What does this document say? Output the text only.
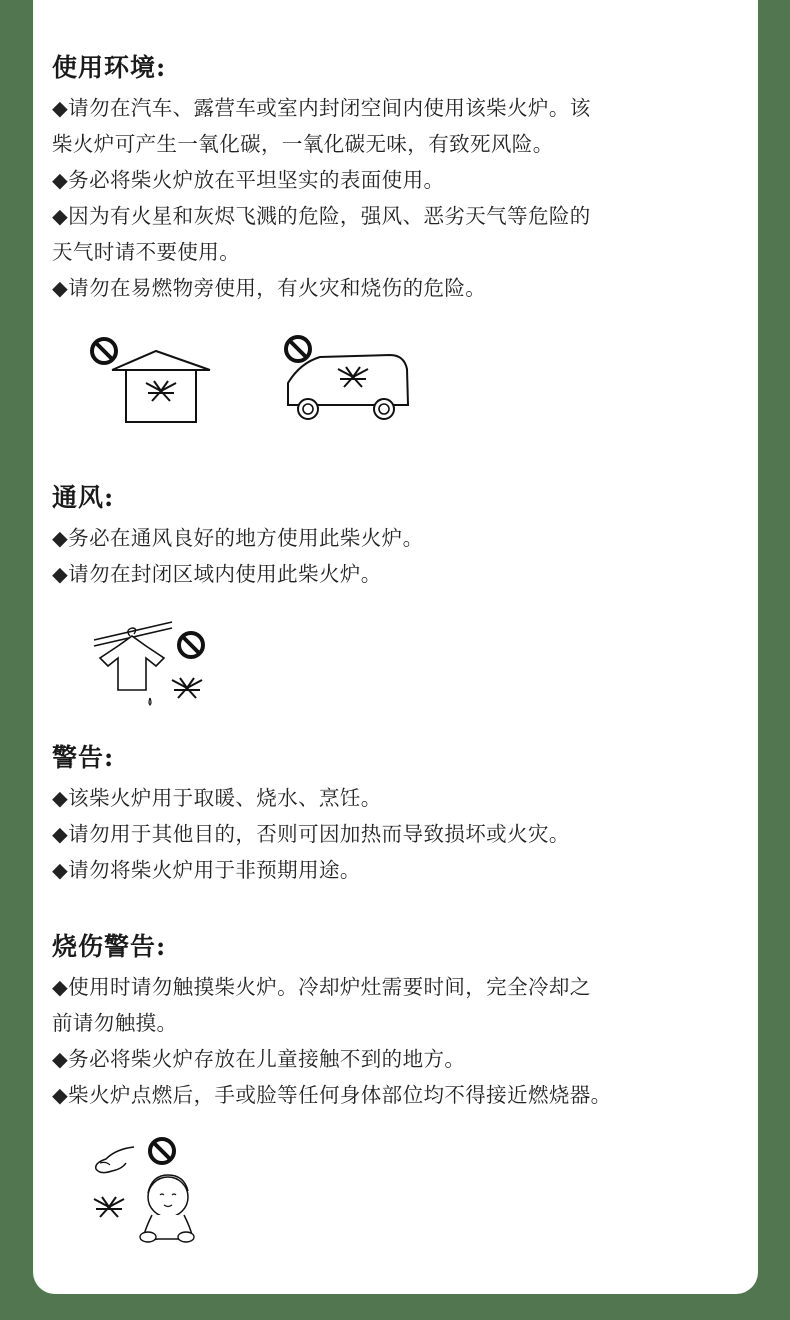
使用环境:
◆请勿在汽车、露营车或室内封闭空间内使用该柴火炉。该
柴火炉可产生一氧化碳，一氧化碳无味，有致死风险。
◆务必将柴火炉放在平坦坚实的表面使用。
◆因为有火星和灰烬飞溅的危险，强风、恶劣天气等危险的
天气时请不要使用。
◆请勿在易燃物旁使用，有火灾和烧伤的危险。
通风:
◆务必在通风良好的地方使用此柴火炉。
◆请勿在封闭区域内使用此柴火炉。
警告:
◆该柴火炉用于取暖、烧水、烹饪。
◆请勿用于其他目的，否则可因加热而导致损坏或火灾。
◆请勿将柴火炉用于非预期用途。
烧伤警告:
◆使用时请勿触摸柴火炉。冷却炉灶需要时间，完全冷却之
前请勿触摸。
◆务必将柴火炉存放在儿童接触不到的地方。
◆柴火炉点燃后，手或脸等任何身体部位均不得接近燃烧器。
